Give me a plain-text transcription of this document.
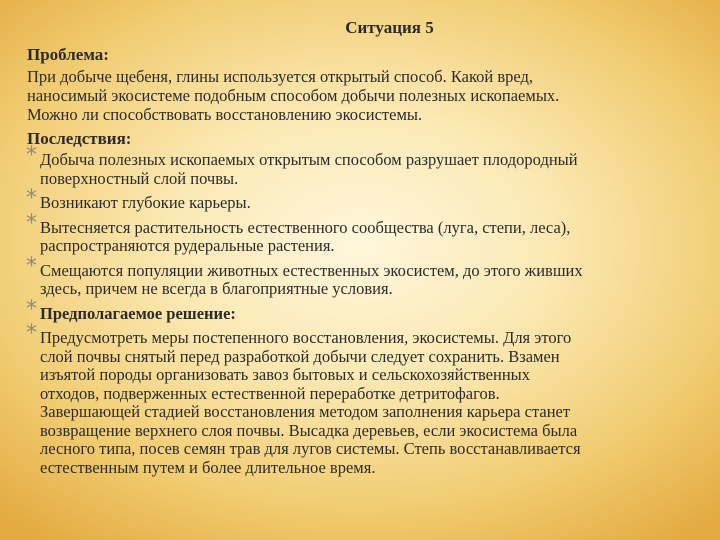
Ситуация 5
Проблема:
При добыче щебеня, глины используется открытый способ. Какой вред,
наносимый экосистеме подобным способом добычи полезных ископаемых.
Можно ли способствовать восстановлению экосистемы.
Последствия:
* Добыча полезных ископаемых открытым способом разрушает плодородный
поверхностный слой почвы.
* Возникают глубокие карьеры.
* Вытесняется растительность естественного сообщества (луга, степи, леса),
распространяются рудеральные растения.
* Смещаются популяции животных естественных экосистем, до этого живших
здесь, причем не всегда в благоприятные условия.
* Предполагаемое решение:
* Предусмотреть меры постепенного восстановления, экосистемы. Для этого
слой почвы снятый перед разработкой добычи следует сохранить. Взамен
изъятой породы организовать завоз бытовых и сельскохозяйственных
отходов, подверженных естественной переработке детритофагов.
Завершающей стадией восстановления методом заполнения карьера станет
возвращение верхнего слоя почвы. Высадка деревьев, если экосистема была
лесного типа, посев семян трав для лугов системы. Степь восстанавливается
естественным путем и более длительное время.
